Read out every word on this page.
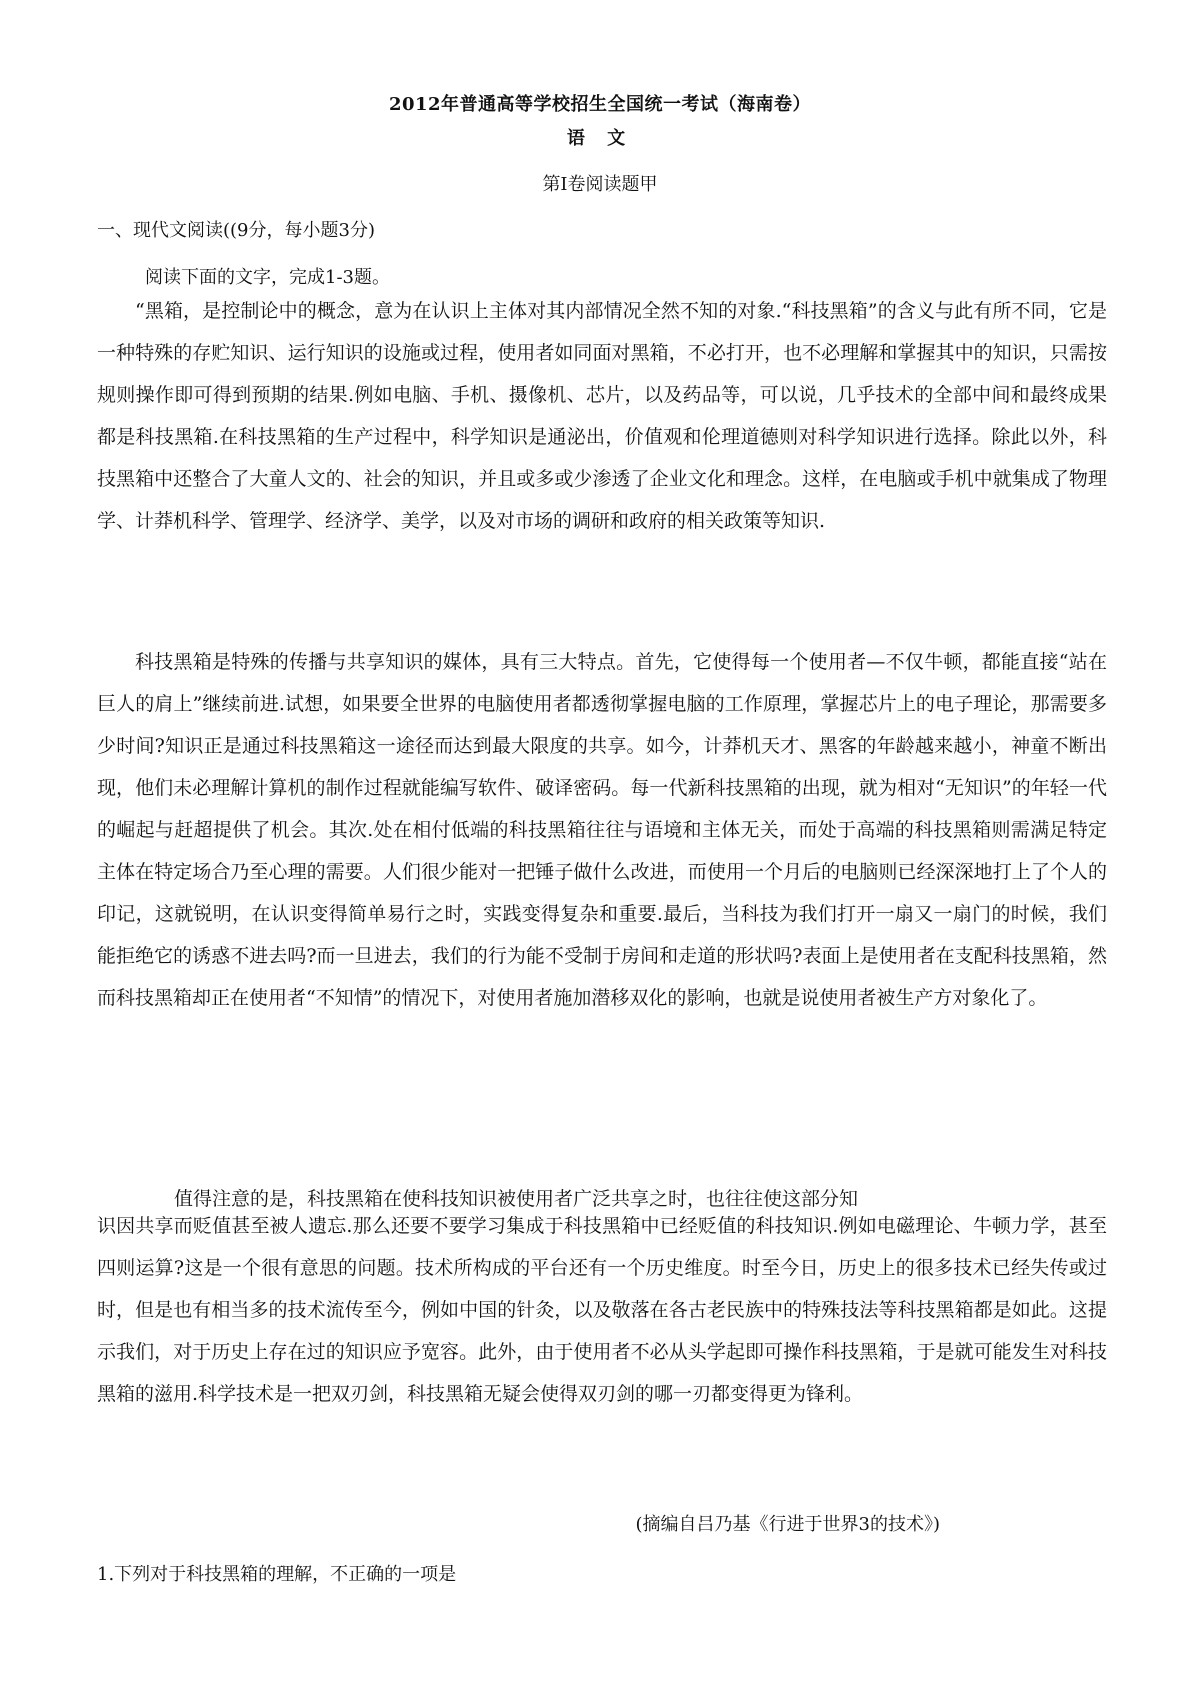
2012年普通高等学校招生全国统一考试（海南卷）
语 文
第Ⅰ卷阅读题甲
一、现代文阅读((9分，每小题3分)
阅读下面的文字，完成1-3题。

“黑箱，是控制论中的概念，意为在认识上主体对其内部情况全然不知的对象.“科技黑箱”的含义与此有所不同，它是一种特殊的存贮知识、运行知识的设施或过程，使用者如同面对黑箱，不必打开，也不必理解和掌握其中的知识，只需按规则操作即可得到预期的结果.例如电脑、手机、摄像机、芯片，以及药品等，可以说，几乎技术的全部中间和最终成果都是科技黑箱.在科技黑箱的生产过程中，科学知识是通泌出，价值观和伦理道德则对科学知识进行选择。除此以外，科技黑箱中还整合了大童人文的、社会的知识，并且或多或少渗透了企业文化和理念。这样，在电脑或手机中就集成了物理学、计莽机科学、管理学、经济学、美学，以及对市场的调研和政府的相关政策等知识.

科技黑箱是特殊的传播与共享知识的媒体，具有三大特点。首先，它使得每一个使用者—不仅牛顿，都能直接“站在巨人的肩上”继续前进.试想，如果要全世界的电脑使用者都透彻掌握电脑的工作原理，掌握芯片上的电子理论，那需要多少时间?知识正是通过科技黑箱这一途径而达到最大限度的共享。如今，计莽机天才、黑客的年龄越来越小，神童不断出现，他们未必理解计算机的制作过程就能编写软件、破译密码。每一代新科技黑箱的出现，就为相对“无知识”的年轻一代的崛起与赶超提供了机会。其次.处在相付低端的科技黑箱往往与语境和主体无关，而处于高端的科技黑箱则需满足特定主体在特定场合乃至心理的需要。人们很少能对一把锤子做什么改进，而使用一个月后的电脑则已经深深地打上了个人的印记，这就锐明，在认识变得简单易行之时，实践变得复杂和重要.最后，当科技为我们打开一扇又一扇门的时候，我们能拒绝它的诱惑不进去吗?而一旦进去，我们的行为能不受制于房间和走道的形状吗?表面上是使用者在支配科技黑箱，然而科技黑箱却正在使用者“不知情”的情况下，对使用者施加潜移双化的影响，也就是说使用者被生产方对象化了。

值得注意的是，科技黑箱在使科技知识被使用者广泛共享之时，也往往使这部分知

识因共享而贬值甚至被人遗忘.那么还要不要学习集成于科技黑箱中已经贬值的科技知识.例如电磁理论、牛顿力学，甚至四则运算?这是一个很有意思的问题。技术所构成的平台还有一个历史维度。时至今日，历史上的很多技术已经失传或过时，但是也有相当多的技术流传至今，例如中国的针灸，以及敬落在各古老民族中的特殊技法等科技黑箱都是如此。这提示我们，对于历史上存在过的知识应予宽容。此外，由于使用者不必从头学起即可操作科技黑箱，于是就可能发生对科技黑箱的滋用.科学技术是一把双刃剑，科技黑箱无疑会使得双刃剑的哪一刃都变得更为锋利。

(摘编自吕乃基《行进于世界3的技术》)
1.下列对于科技黑箱的理解，不正确的一项是
